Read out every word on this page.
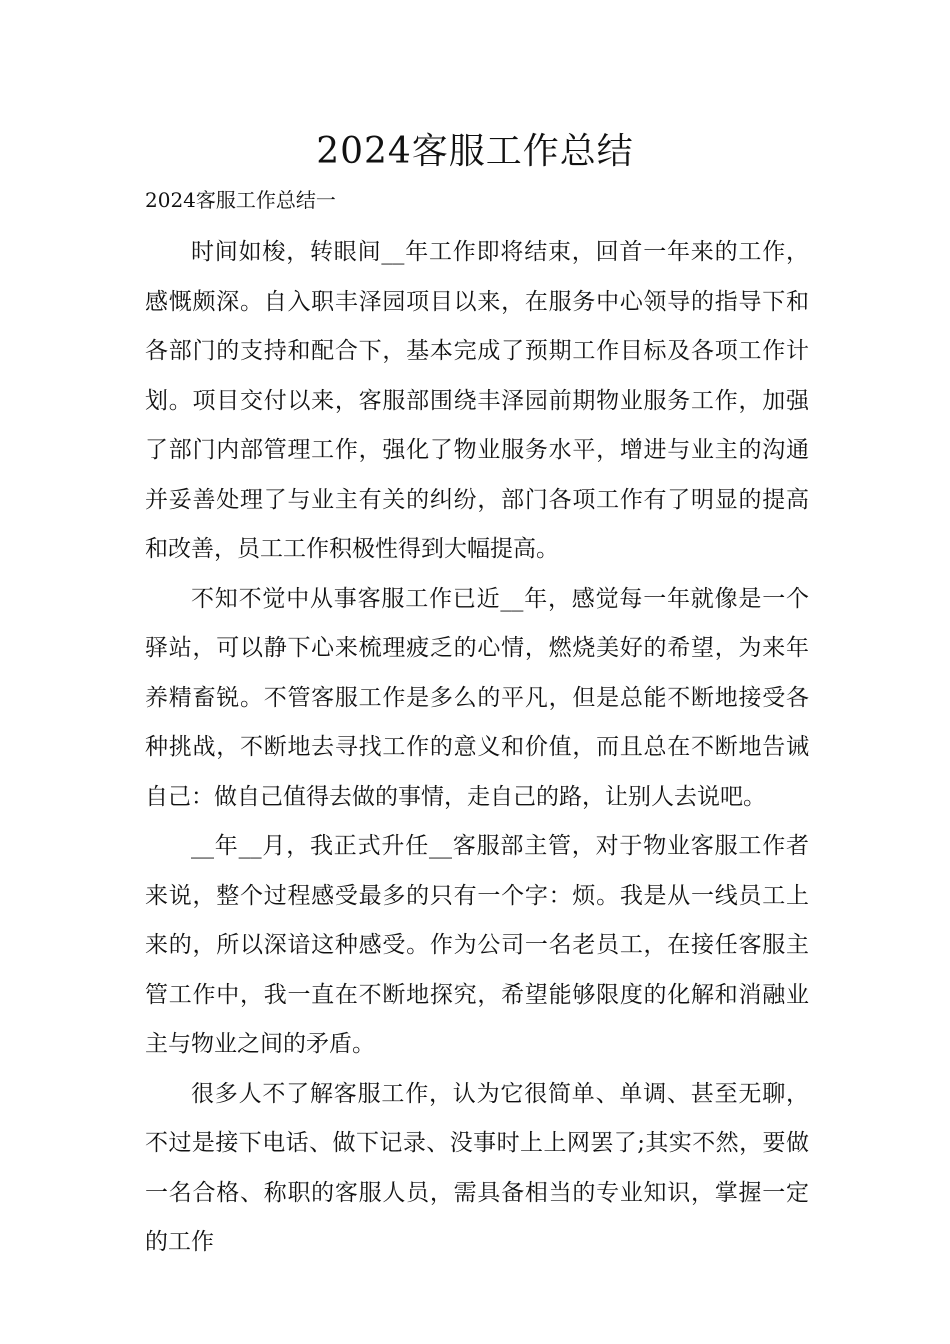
2024客服工作总结
2024客服工作总结一

时间如梭，转眼间__年工作即将结束，回首一年来的工作，感慨颇深。自入职丰泽园项目以来，在服务中心领导的指导下和各部门的支持和配合下，基本完成了预期工作目标及各项工作计划。项目交付以来，客服部围绕丰泽园前期物业服务工作，加强了部门内部管理工作，强化了物业服务水平，增进与业主的沟通并妥善处理了与业主有关的纠纷，部门各项工作有了明显的提高和改善，员工工作积极性得到大幅提高。

不知不觉中从事客服工作已近__年，感觉每一年就像是一个驿站，可以静下心来梳理疲乏的心情，燃烧美好的希望，为来年养精畜锐。不管客服工作是多么的平凡，但是总能不断地接受各种挑战，不断地去寻找工作的意义和价值，而且总在不断地告诫自己：做自己值得去做的事情，走自己的路，让别人去说吧。

__年__月，我正式升任__客服部主管，对于物业客服工作者来说，整个过程感受最多的只有一个字：烦。我是从一线员工上来的，所以深谙这种感受。作为公司一名老员工，在接任客服主管工作中，我一直在不断地探究，希望能够限度的化解和消融业主与物业之间的矛盾。

很多人不了解客服工作，认为它很简单、单调、甚至无聊，不过是接下电话、做下记录、没事时上上网罢了;其实不然，要做一名合格、称职的客服人员，需具备相当的专业知识，掌握一定的工作
